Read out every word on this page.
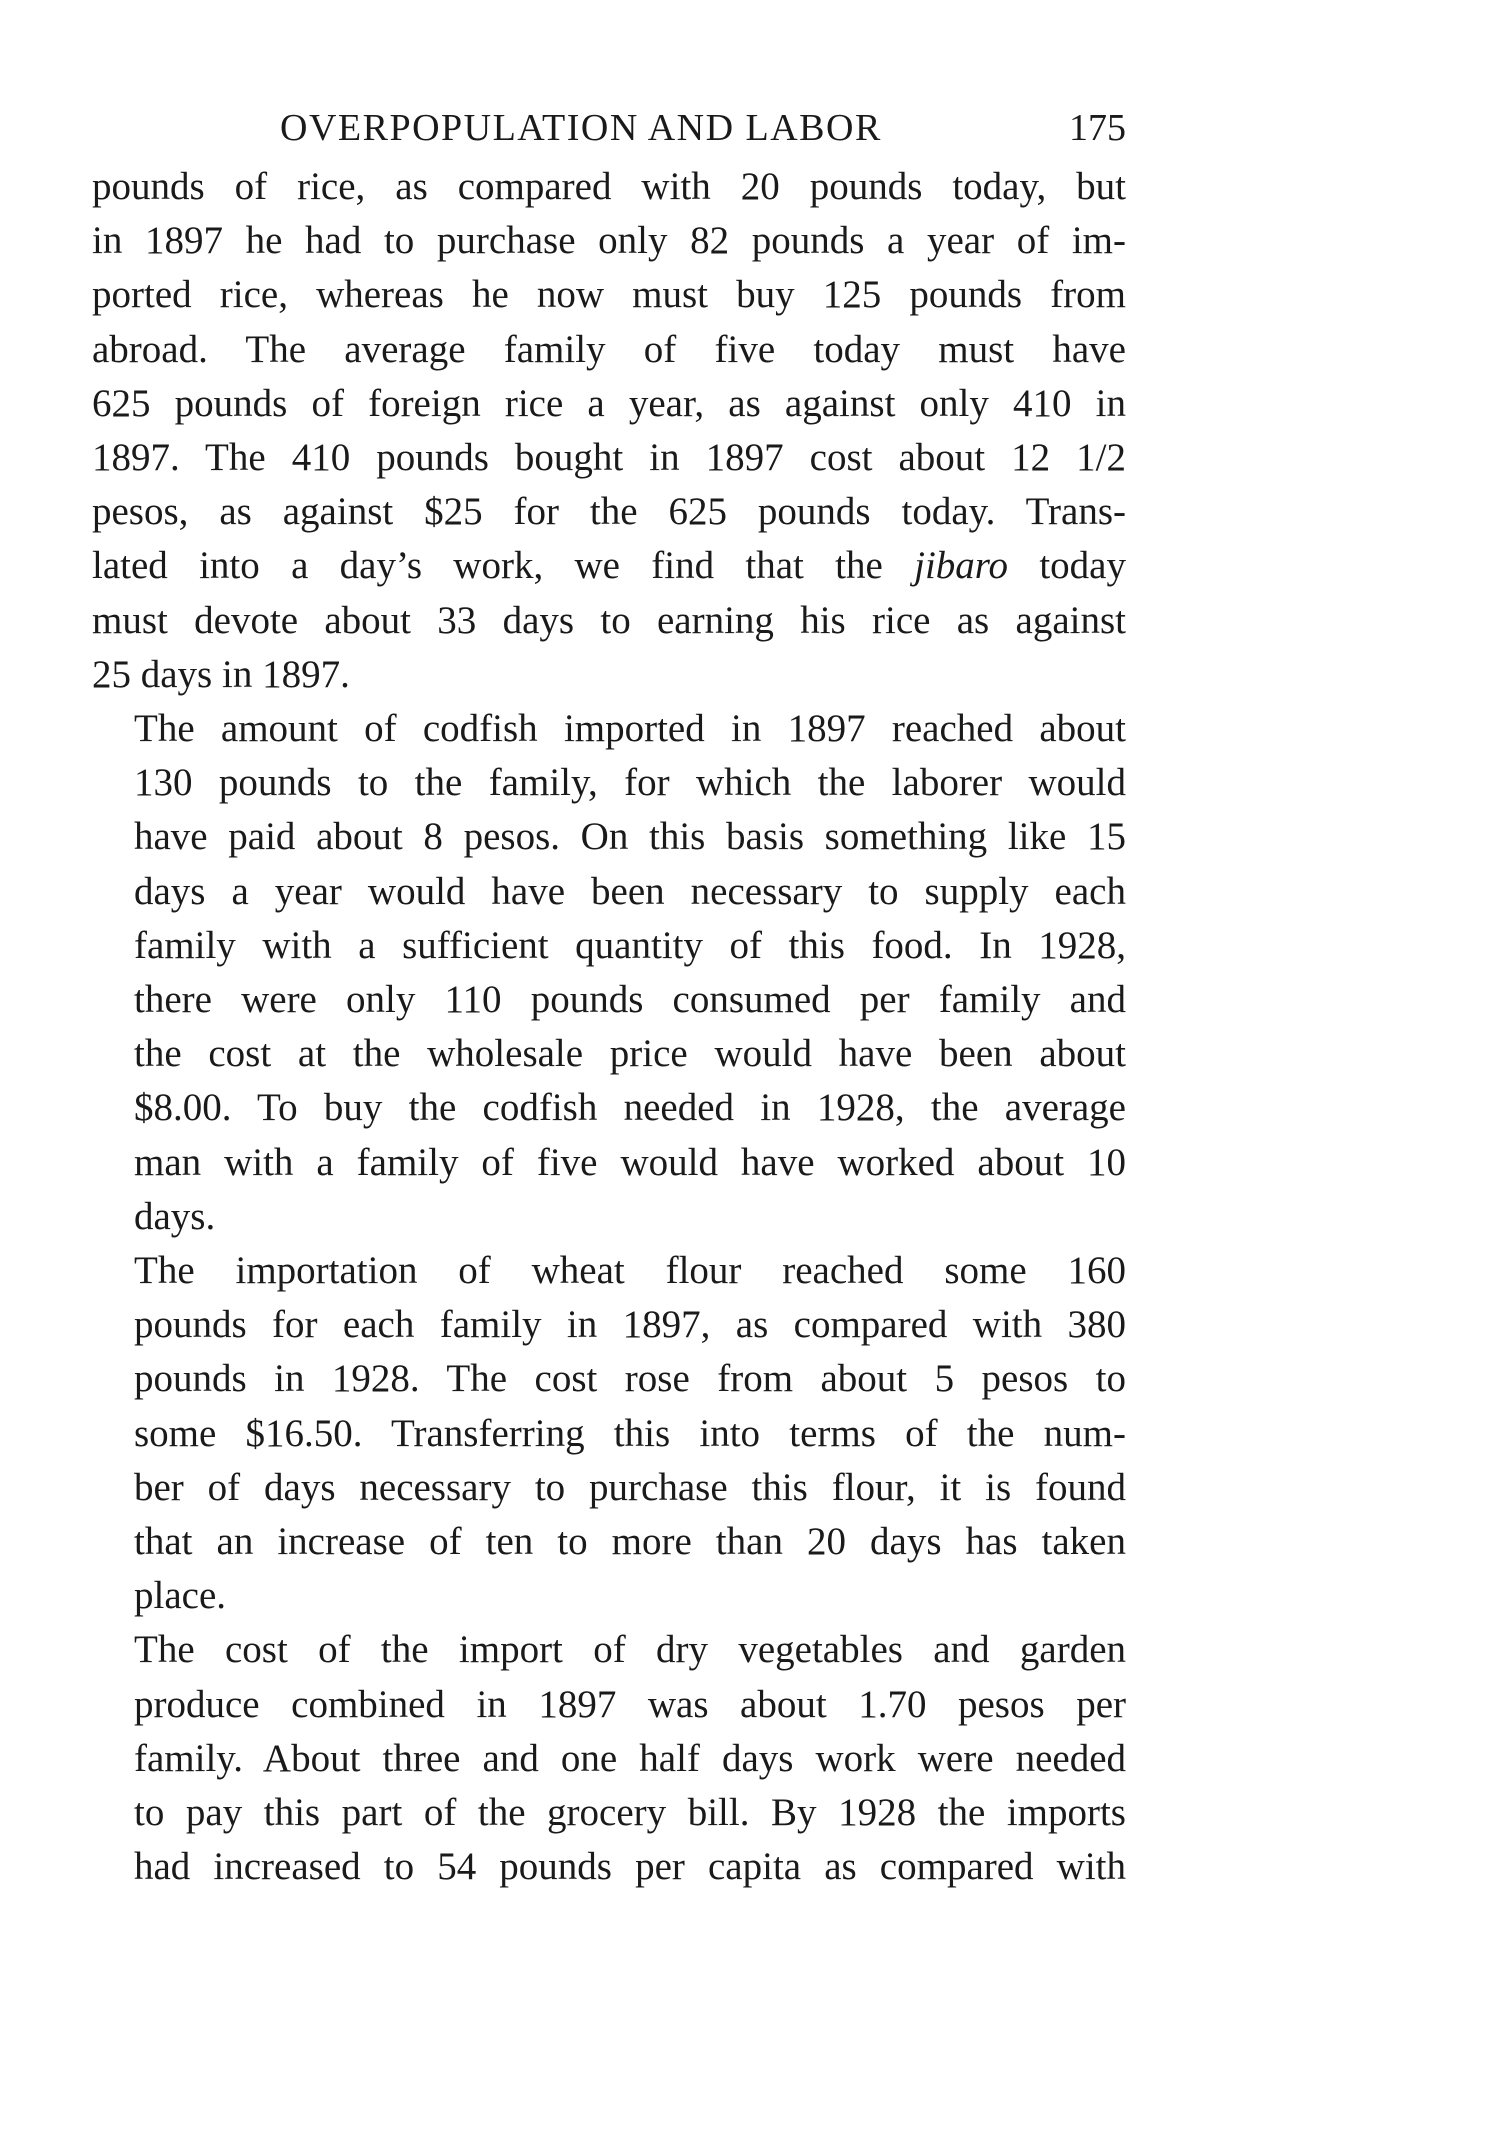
OVERPOPULATION AND LABOR	175

pounds of rice, as compared with 20 pounds today, but
in 1897 he had to purchase only 82 pounds a year of im-
ported rice, whereas he now must buy 125 pounds from
abroad. The average family of five today must have
625 pounds of foreign rice a year, as against only 410 in
1897. The 410 pounds bought in 1897 cost about 12 1/2
pesos, as against $25 for the 625 pounds today. Trans-
lated into a day’s work, we find that the jibaro today
must devote about 33 days to earning his rice as against
25 days in 1897.

The amount of codfish imported in 1897 reached about
130 pounds to the family, for which the laborer would
have paid about 8 pesos. On this basis something like 15
days a year would have been necessary to supply each
family with a sufficient quantity of this food. In 1928,
there were only 110 pounds consumed per family and
the cost at the wholesale price would have been about
$8.00. To buy the codfish needed in 1928, the average
man with a family of five would have worked about 10
days.

The importation of wheat flour reached some 160
pounds for each family in 1897, as compared with 380
pounds in 1928. The cost rose from about 5 pesos to
some $16.50. Transferring this into terms of the num-
ber of days necessary to purchase this flour, it is found
that an increase of ten to more than 20 days has taken
place.

The cost of the import of dry vegetables and garden
produce combined in 1897 was about 1.70 pesos per
family. About three and one half days work were needed
to pay this part of the grocery bill. By 1928 the imports
had increased to 54 pounds per capita as compared with
